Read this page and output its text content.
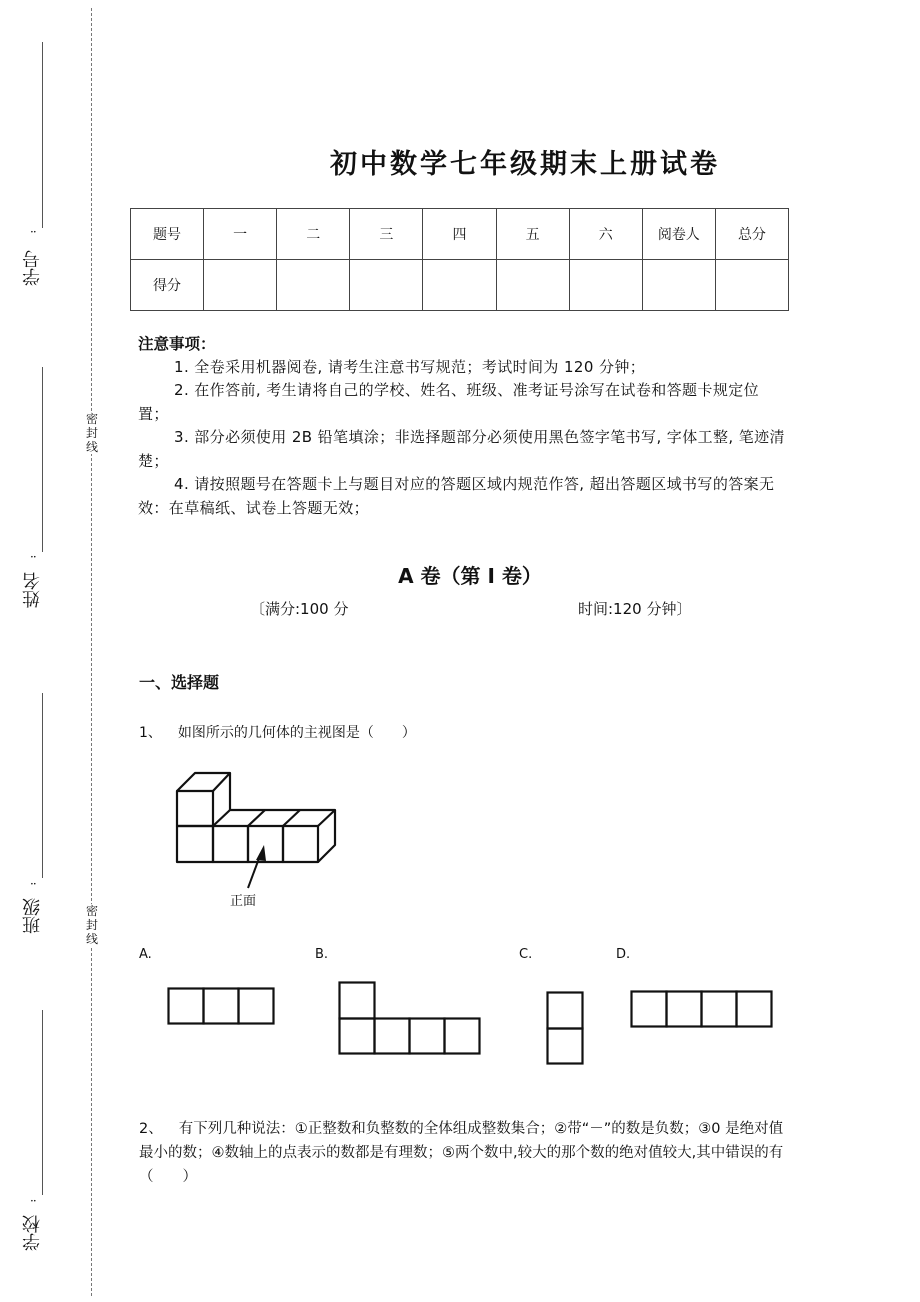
··
学号
··
姓名
··
班级
··
学校
密
封
线
密
封
线
初中数学七年级期末上册试卷
题号	一	二	三	四	五	六	阅卷人	总分
得分								
注意事项：
1. 全卷采用机器阅卷, 请考生注意书写规范；考试时间为 120 分钟；
2. 在作答前, 考生请将自己的学校、姓名、班级、准考证号涂写在试卷和答题卡规定位置；
3. 部分必须使用 2B 铅笔填涂；非选择题部分必须使用黑色签字笔书写, 字体工整, 笔迹清楚；
4. 请按照题号在答题卡上与题目对应的答题区域内规范作答, 超出答题区域书写的答案无效：在草稿纸、试卷上答题无效；
A 卷（第 I 卷）
〔满分:100 分	时间:120 分钟〕
一、选择题
1、 如图所示的几何体的主视图是（　　）
正面
A.	B.	C.	D.
2、 有下列几种说法：①正整数和负整数的全体组成整数集合；②带“－”的数是负数；③0 是绝对值最小的数；④数轴上的点表示的数都是有理数；⑤两个数中,较大的那个数的绝对值较大,其中错误的有（　　）
